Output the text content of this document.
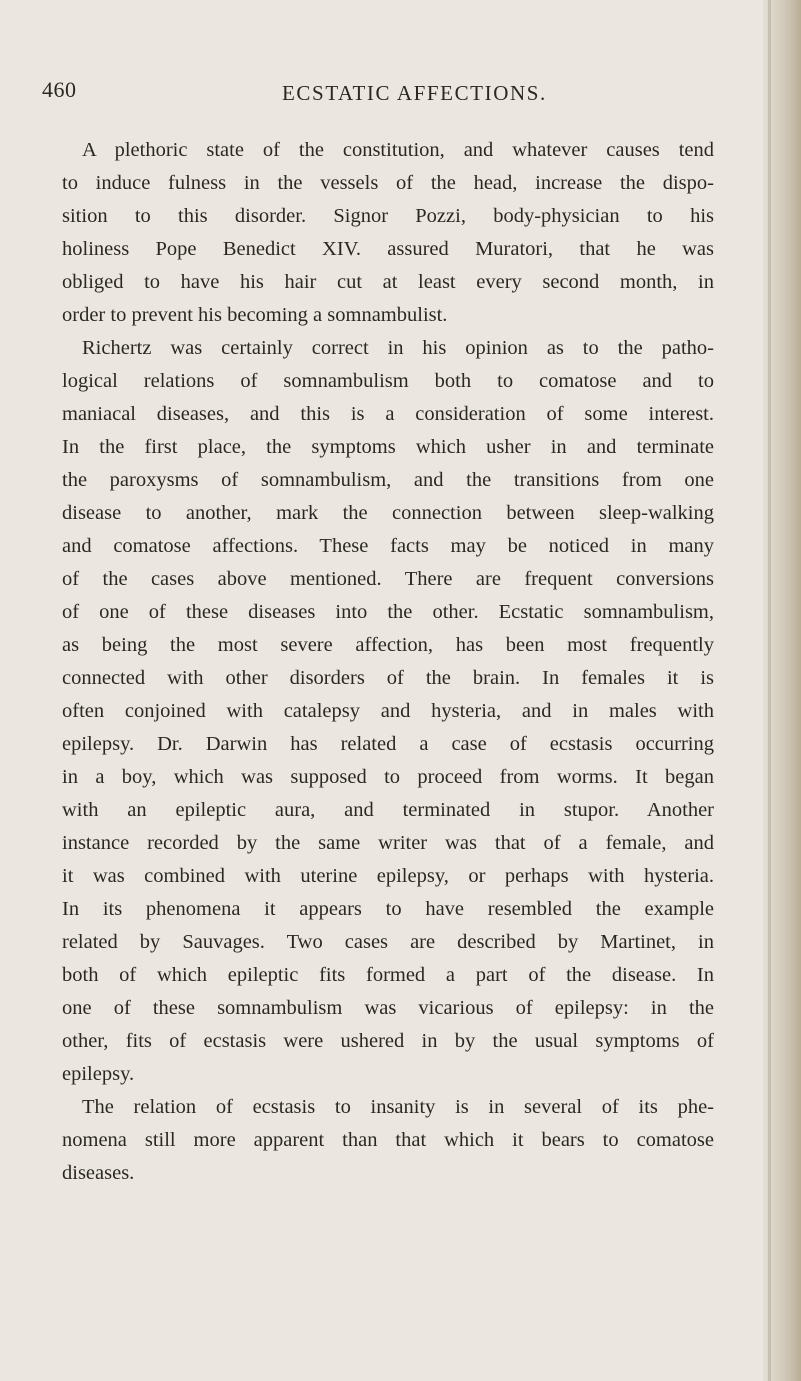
460	ECSTATIC AFFECTIONS.
A plethoric state of the constitution, and whatever causes tend
to induce fulness in the vessels of the head, increase the dispo-
sition to this disorder. Signor Pozzi, body-physician to his
holiness Pope Benedict XIV. assured Muratori, that he was
obliged to have his hair cut at least every second month, in
order to prevent his becoming a somnambulist.
Richertz was certainly correct in his opinion as to the patho-
logical relations of somnambulism both to comatose and to
maniacal diseases, and this is a consideration of some interest.
In the first place, the symptoms which usher in and terminate
the paroxysms of somnambulism, and the transitions from one
disease to another, mark the connection between sleep-walking
and comatose affections. These facts may be noticed in many
of the cases above mentioned. There are frequent conversions
of one of these diseases into the other. Ecstatic somnambulism,
as being the most severe affection, has been most frequently
connected with other disorders of the brain. In females it is
often conjoined with catalepsy and hysteria, and in males with
epilepsy. Dr. Darwin has related a case of ecstasis occurring
in a boy, which was supposed to proceed from worms. It began
with an epileptic aura, and terminated in stupor. Another
instance recorded by the same writer was that of a female, and
it was combined with uterine epilepsy, or perhaps with hysteria.
In its phenomena it appears to have resembled the example
related by Sauvages. Two cases are described by Martinet, in
both of which epileptic fits formed a part of the disease. In
one of these somnambulism was vicarious of epilepsy: in the
other, fits of ecstasis were ushered in by the usual symptoms of
epilepsy.
The relation of ecstasis to insanity is in several of its phe-
nomena still more apparent than that which it bears to comatose
diseases.
